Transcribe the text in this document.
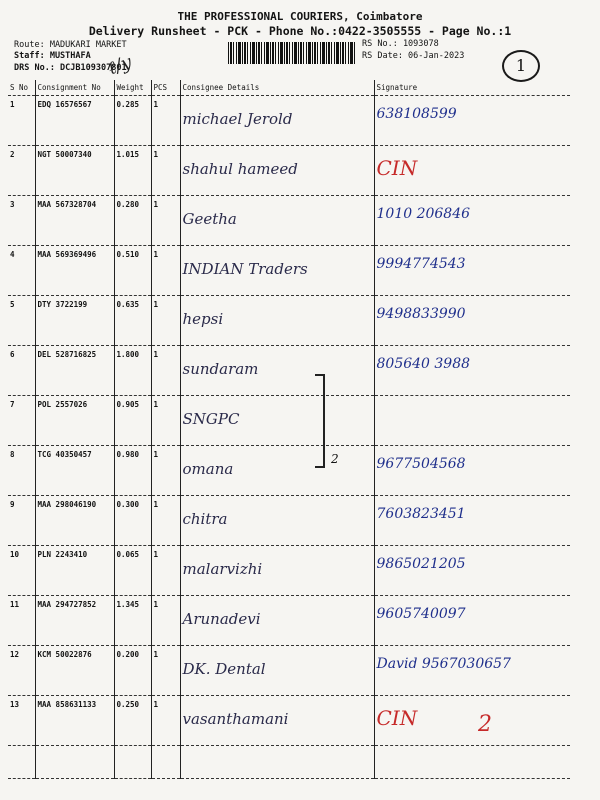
THE PROFESSIONAL COURIERS, Coimbatore
Delivery Runsheet - PCK - Phone No.:0422-3505555 - Page No.:1
Route: MADUKARI MARKET
Staff: MUSTHAFA
DRS No.: DCJB109307801
RS No.: 1093078
RS Date: 06-Jan-2023
ℓ/y	1
S No	Consignment No	Weight	PCS	Consignee Details	Signature
1	EDQ 16576567	0.285	1	michael Jerold	638108599
2	NGT 50007340	1.015	1	shahul hameed	CIN
3	MAA 567328704	0.280	1	Geetha	1010 206846
4	MAA 569369496	0.510	1	INDIAN Traders	9994774543
5	DTY 3722199	0.635	1	hepsi	9498833990
6	DEL 528716825	1.800	1	sundaram	805640 3988
7	POL 2557026	0.905	1	SNGPC	
8	TCG 40350457	0.980	1	omana	9677504568
9	MAA 298046190	0.300	1	chitra	7603823451
10	PLN 2243410	0.065	1	malarvizhi	9865021205
11	MAA 294727852	1.345	1	Arunadevi	9605740097
12	KCM 50022876	0.200	1	DK. Dental	David 9567030657
13	MAA 858631133	0.250	1	vasanthamani	CIN

2
2
